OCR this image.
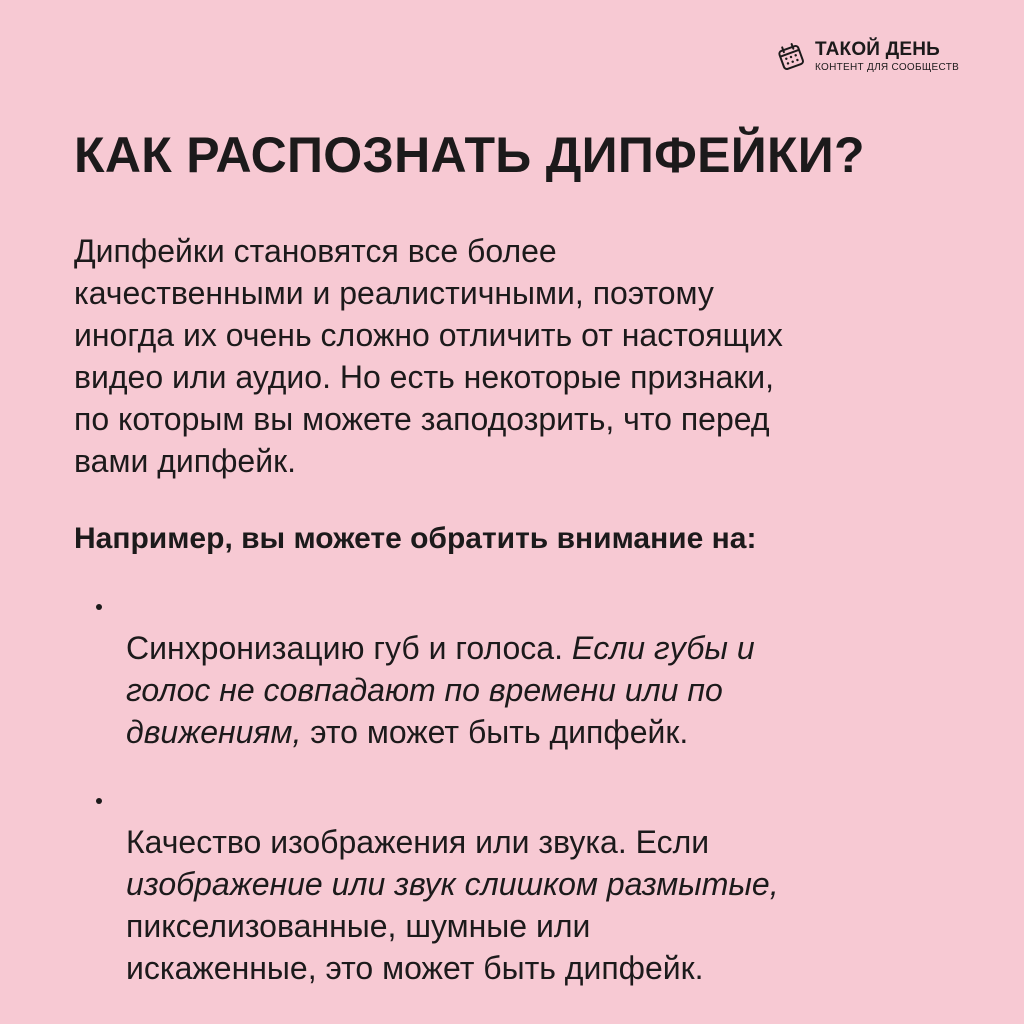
ТАКОЙ ДЕНЬ
КОНТЕНТ ДЛЯ СООБЩЕСТВ
КАК РАСПОЗНАТЬ ДИПФЕЙКИ?

Дипфейки становятся все более
качественными и реалистичными, поэтому
иногда их очень сложно отличить от настоящих
видео или аудио. Но есть некоторые признаки,
по которым вы можете заподозрить, что перед
вами дипфейк.

Например, вы можете обратить внимание на:

Синхронизацию губ и голоса. Если губы и
голос не совпадают по времени или по
движениям, это может быть дипфейк.

Качество изображения или звука. Если
изображение или звук слишком размытые,
пикселизованные, шумные или
искаженные, это может быть дипфейк.
